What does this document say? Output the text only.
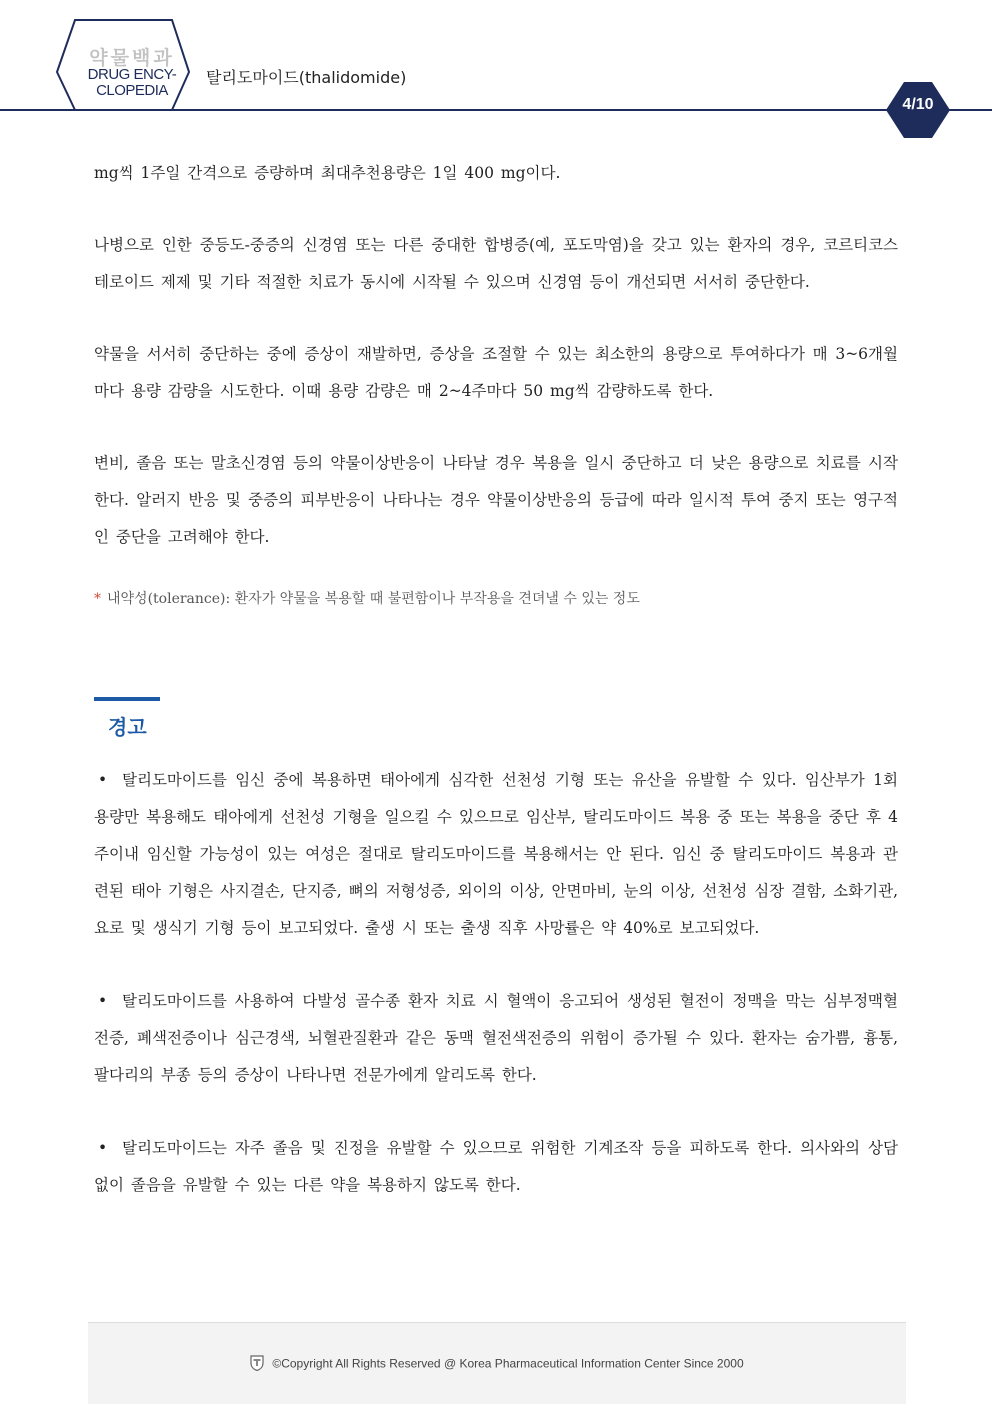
약물백과
DRUG ENCY-
CLOPEDIA
탈리도마이드(thalidomide)
4/10

mg씩 1주일 간격으로 증량하며 최대추천용량은 1일 400 mg이다.

나병으로 인한 중등도-중증의 신경염 또는 다른 중대한 합병증(예, 포도막염)을 갖고 있는 환자의 경우, 코르티코스테로이드 제제 및 기타 적절한 치료가 동시에 시작될 수 있으며 신경염 등이 개선되면 서서히 중단한다.

약물을 서서히 중단하는 중에 증상이 재발하면, 증상을 조절할 수 있는 최소한의 용량으로 투여하다가 매 3~6개월마다 용량 감량을 시도한다. 이때 용량 감량은 매 2~4주마다 50 mg씩 감량하도록 한다.

변비, 졸음 또는 말초신경염 등의 약물이상반응이 나타날 경우 복용을 일시 중단하고 더 낮은 용량으로 치료를 시작한다. 알러지 반응 및 중증의 피부반응이 나타나는 경우 약물이상반응의 등급에 따라 일시적 투여 중지 또는 영구적인 중단을 고려해야 한다.

* 내약성(tolerance): 환자가 약물을 복용할 때 불편함이나 부작용을 견뎌낼 수 있는 정도

경고

• 탈리도마이드를 임신 중에 복용하면 태아에게 심각한 선천성 기형 또는 유산을 유발할 수 있다. 임산부가 1회 용량만 복용해도 태아에게 선천성 기형을 일으킬 수 있으므로 임산부, 탈리도마이드 복용 중 또는 복용을 중단 후 4주이내 임신할 가능성이 있는 여성은 절대로 탈리도마이드를 복용해서는 안 된다. 임신 중 탈리도마이드 복용과 관련된 태아 기형은 사지결손, 단지증, 뼈의 저형성증, 외이의 이상, 안면마비, 눈의 이상, 선천성 심장 결함, 소화기관, 요로 및 생식기 기형 등이 보고되었다. 출생 시 또는 출생 직후 사망률은 약 40%로 보고되었다.

• 탈리도마이드를 사용하여 다발성 골수종 환자 치료 시 혈액이 응고되어 생성된 혈전이 정맥을 막는 심부정맥혈전증, 폐색전증이나 심근경색, 뇌혈관질환과 같은 동맥 혈전색전증의 위험이 증가될 수 있다. 환자는 숨가쁨, 흉통, 팔다리의 부종 등의 증상이 나타나면 전문가에게 알리도록 한다.

• 탈리도마이드는 자주 졸음 및 진정을 유발할 수 있으므로 위험한 기계조작 등을 피하도록 한다. 의사와의 상담 없이 졸음을 유발할 수 있는 다른 약을 복용하지 않도록 한다.

©Copyright All Rights Reserved @ Korea Pharmaceutical Information Center Since 2000
